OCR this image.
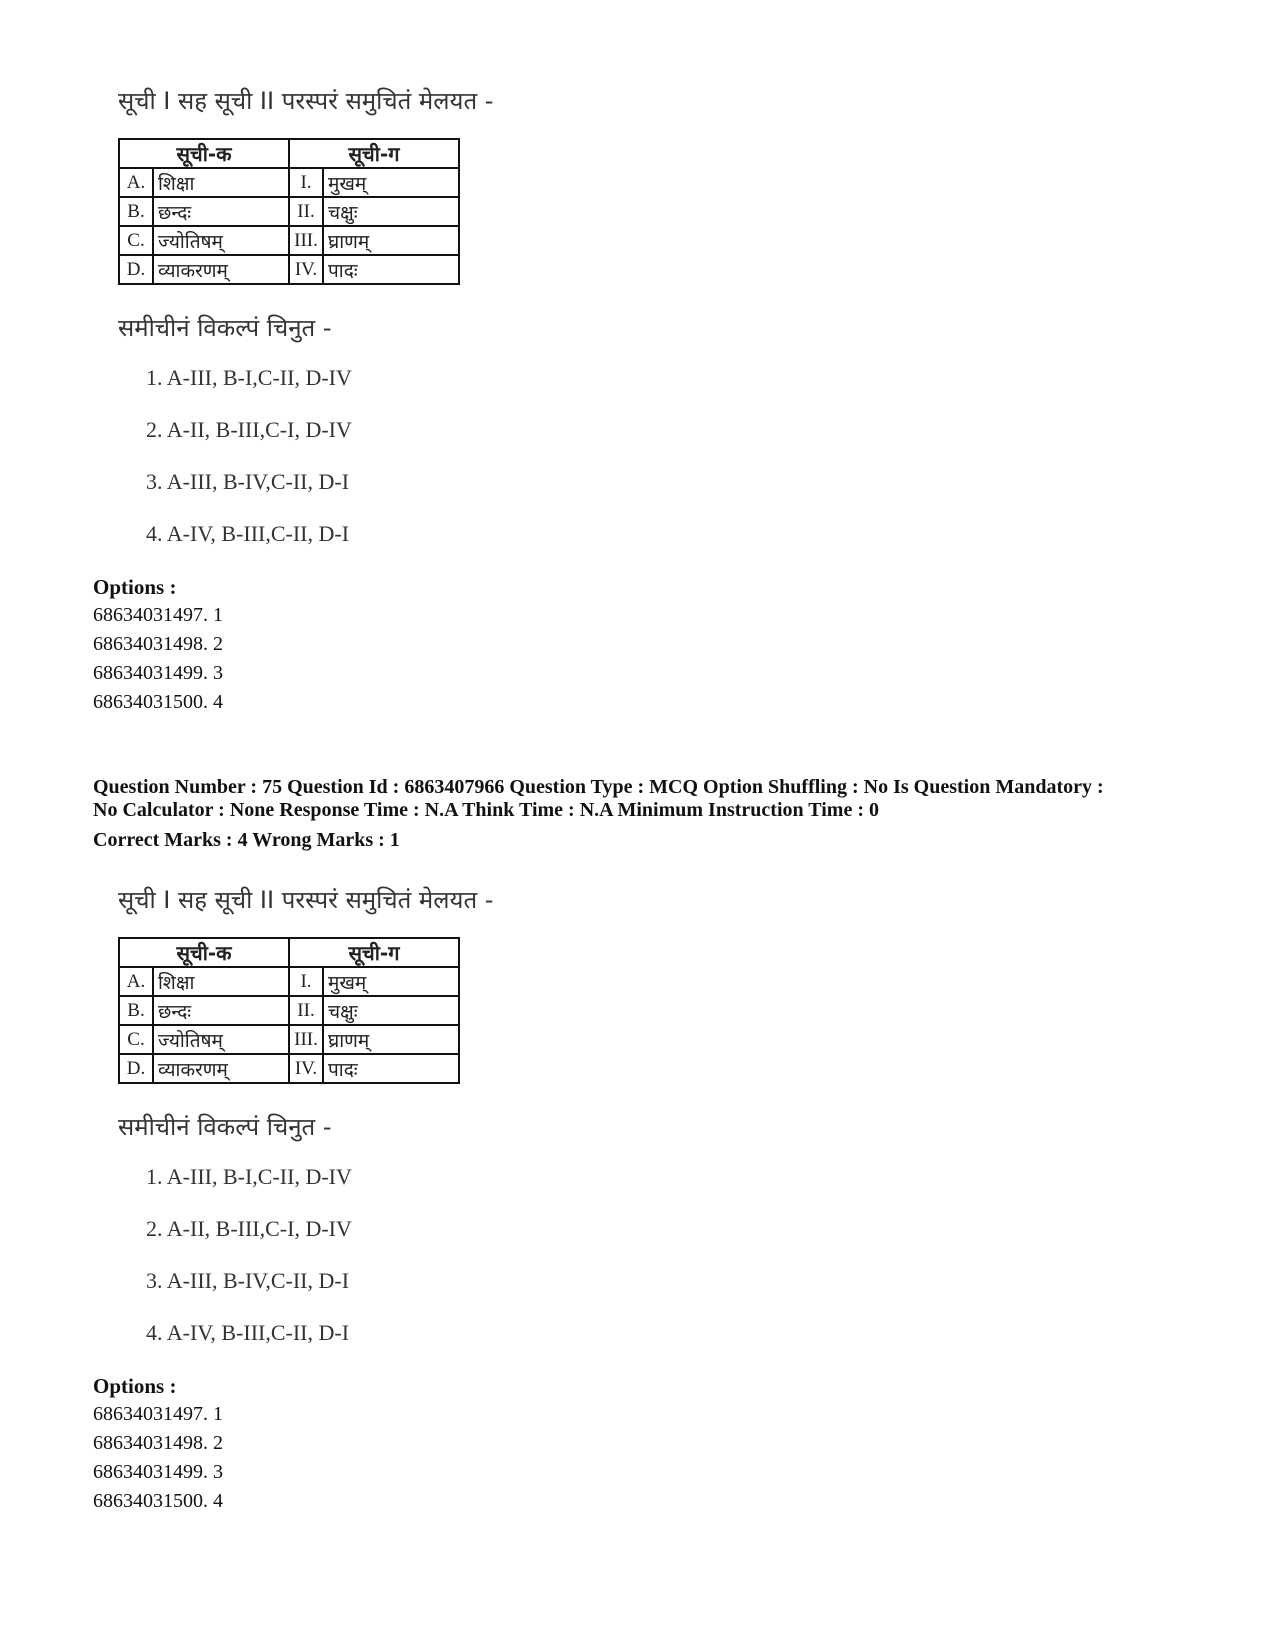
सूची I सह सूची II परस्परं समुचितं मेलयत -
सूची-क		सूची-ग	
A.	शिक्षा	I.	मुखम्
B.	छन्दः	II.	चक्षुः
C.	ज्योतिषम्	III.	घ्राणम्
D.	व्याकरणम्	IV.	पादः
समीचीनं विकल्पं चिनुत -
1. A-III, B-I,C-II, D-IV
2. A-II, B-III,C-I, D-IV
3. A-III, B-IV,C-II, D-I
4. A-IV, B-III,C-II, D-I
Options :
68634031497. 1
68634031498. 2
68634031499. 3
68634031500. 4
Question Number : 75 Question Id : 6863407966 Question Type : MCQ Option Shuffling : No Is Question Mandatory :
No Calculator : None Response Time : N.A Think Time : N.A Minimum Instruction Time : 0
Correct Marks : 4 Wrong Marks : 1
सूची I सह सूची II परस्परं समुचितं मेलयत -
सूची-क		सूची-ग	
A.	शिक्षा	I.	मुखम्
B.	छन्दः	II.	चक्षुः
C.	ज्योतिषम्	III.	घ्राणम्
D.	व्याकरणम्	IV.	पादः
समीचीनं विकल्पं चिनुत -
1. A-III, B-I,C-II, D-IV
2. A-II, B-III,C-I, D-IV
3. A-III, B-IV,C-II, D-I
4. A-IV, B-III,C-II, D-I
Options :
68634031497. 1
68634031498. 2
68634031499. 3
68634031500. 4
